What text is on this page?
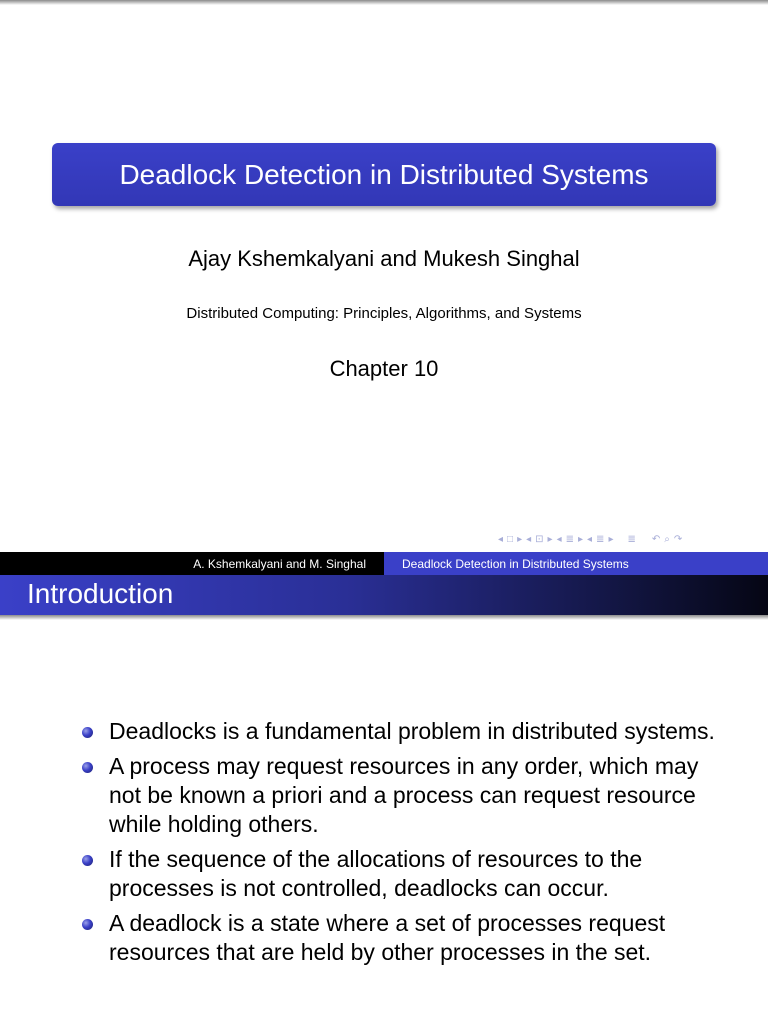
Deadlock Detection in Distributed Systems
Ajay Kshemkalyani and Mukesh Singhal
Distributed Computing: Principles, Algorithms, and Systems
Chapter 10
◂ □ ▸ ◂ ⊡ ▸ ◂ ≣ ▸ ◂ ≣ ▸ ≣ ↶ ⌕ ↷
A. Kshemkalyani and M. Singhal	Deadlock Detection in Distributed Systems
Introduction
Deadlocks is a fundamental problem in distributed systems.
A process may request resources in any order, which may not be known a priori and a process can request resource while holding others.
If the sequence of the allocations of resources to the processes is not controlled, deadlocks can occur.
A deadlock is a state where a set of processes request resources that are held by other processes in the set.
